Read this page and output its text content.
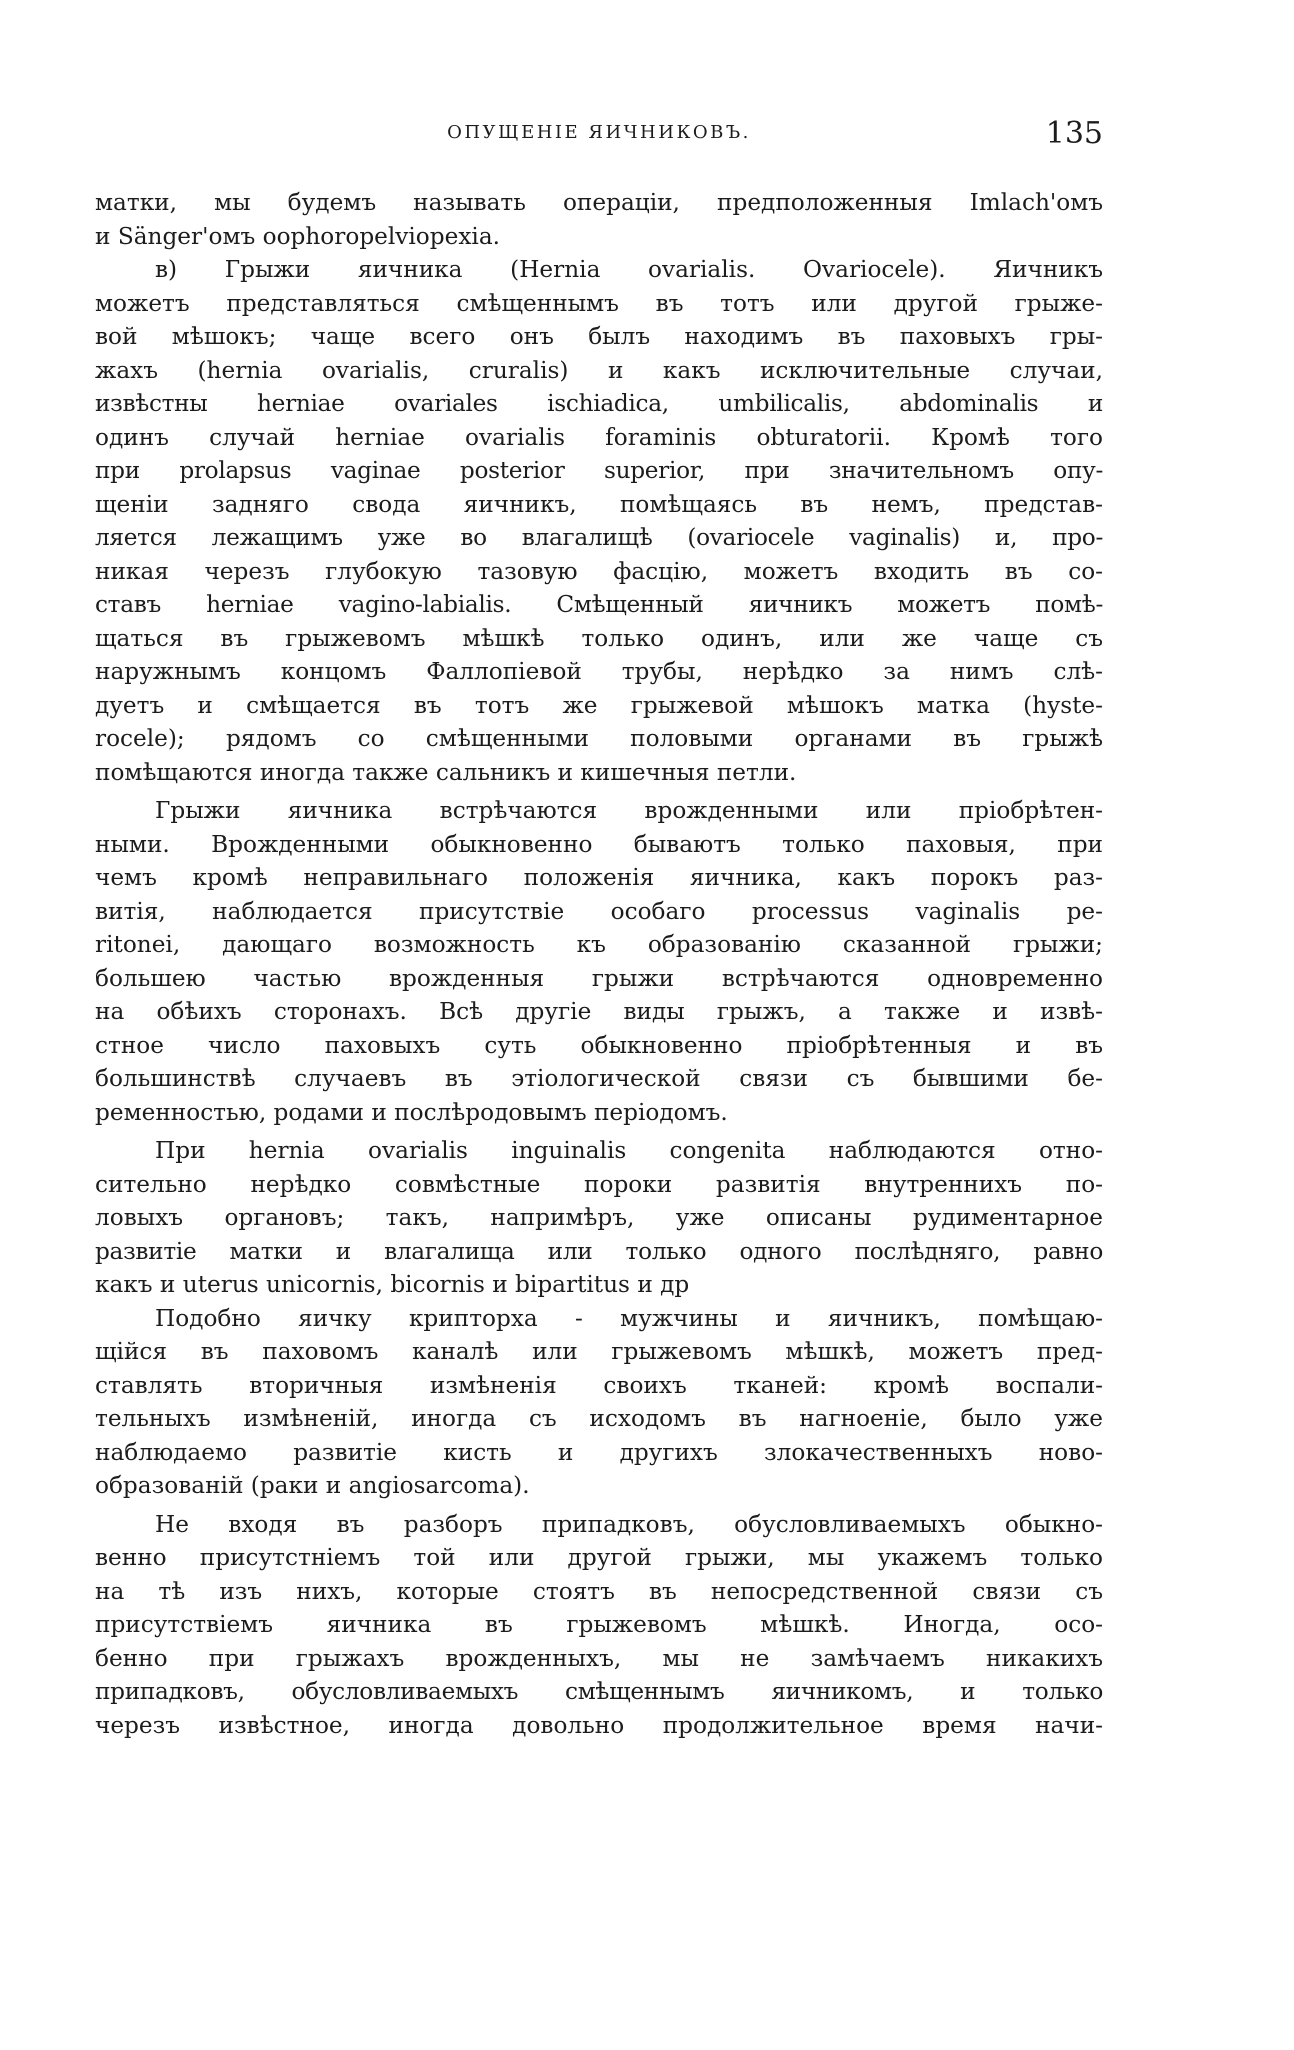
ОПУЩЕНІЕ ЯИЧНИКОВЪ.	135
матки, мы будемъ называть операціи, предположенныя Imlach'омъ
и Sänger'омъ oophoropelviopexia.
в) Грыжи яичника (Hernia ovarialis. Ovariocele). Яичникъ
можетъ представляться смѣщеннымъ въ тотъ или другой грыже-
вой мѣшокъ; чаще всего онъ былъ находимъ въ паховыхъ гры-
жахъ (hernia ovarialis, cruralis) и какъ исключительные случаи,
извѣстны herniae ovariales ischiadica, umbilicalis, abdominalis и
одинъ случай herniae ovarialis foraminis obturatorii. Кромѣ того
при prolapsus vaginae posterior superior, при значительномъ опу-
щеніи задняго свода яичникъ, помѣщаясь въ немъ, представ-
ляется лежащимъ уже во влагалищѣ (ovariocele vaginalis) и, про-
никая черезъ глубокую тазовую фасцію, можетъ входить въ со-
ставъ herniae vagino-labialis. Смѣщенный яичникъ можетъ помѣ-
щаться въ грыжевомъ мѣшкѣ только одинъ, или же чаще съ
наружнымъ концомъ Фаллопіевой трубы, нерѣдко за нимъ слѣ-
дуетъ и смѣщается въ тотъ же грыжевой мѣшокъ матка (hyste-
rocele); рядомъ со смѣщенными половыми органами въ грыжѣ
помѣщаются иногда также сальникъ и кишечныя петли.
Грыжи яичника встрѣчаются врожденными или пріобрѣтен-
ными. Врожденными обыкновенно бываютъ только паховыя, при
чемъ кромѣ неправильнаго положенія яичника, какъ порокъ раз-
витія, наблюдается присутствіе особаго processus vaginalis pe-
ritonei, дающаго возможность къ образованію сказанной грыжи;
большею частью врожденныя грыжи встрѣчаются одновременно
на обѣихъ сторонахъ. Всѣ другіе виды грыжъ, а также и извѣ-
стное число паховыхъ суть обыкновенно пріобрѣтенныя и въ
большинствѣ случаевъ въ этіологической связи съ бывшими бе-
ременностью, родами и послѣродовымъ періодомъ.
При hernia ovarialis inguinalis congenita наблюдаются отно-
сительно нерѣдко совмѣстные пороки развитія внутреннихъ по-
ловыхъ органовъ; такъ, напримѣръ, уже описаны рудиментарное
развитіе матки и влагалища или только одного послѣдняго, равно
какъ и uterus unicornis, bicornis и bipartitus и др
Подобно яичку крипторха - мужчины и яичникъ, помѣщаю-
щійся въ паховомъ каналѣ или грыжевомъ мѣшкѣ, можетъ пред-
ставлять вторичныя измѣненія своихъ тканей: кромѣ воспали-
тельныхъ измѣненій, иногда съ исходомъ въ нагноеніе, было уже
наблюдаемо развитіе кисть и другихъ злокачественныхъ ново-
образованій (раки и angiosarcoma).
Не входя въ разборъ припадковъ, обусловливаемыхъ обыкно-
венно присутстніемъ той или другой грыжи, мы укажемъ только
на тѣ изъ нихъ, которые стоятъ въ непосредственной связи съ
присутствіемъ яичника въ грыжевомъ мѣшкѣ. Иногда, осо-
бенно при грыжахъ врожденныхъ, мы не замѣчаемъ никакихъ
припадковъ, обусловливаемыхъ смѣщеннымъ яичникомъ, и только
черезъ извѣстное, иногда довольно продолжительное время начи-
